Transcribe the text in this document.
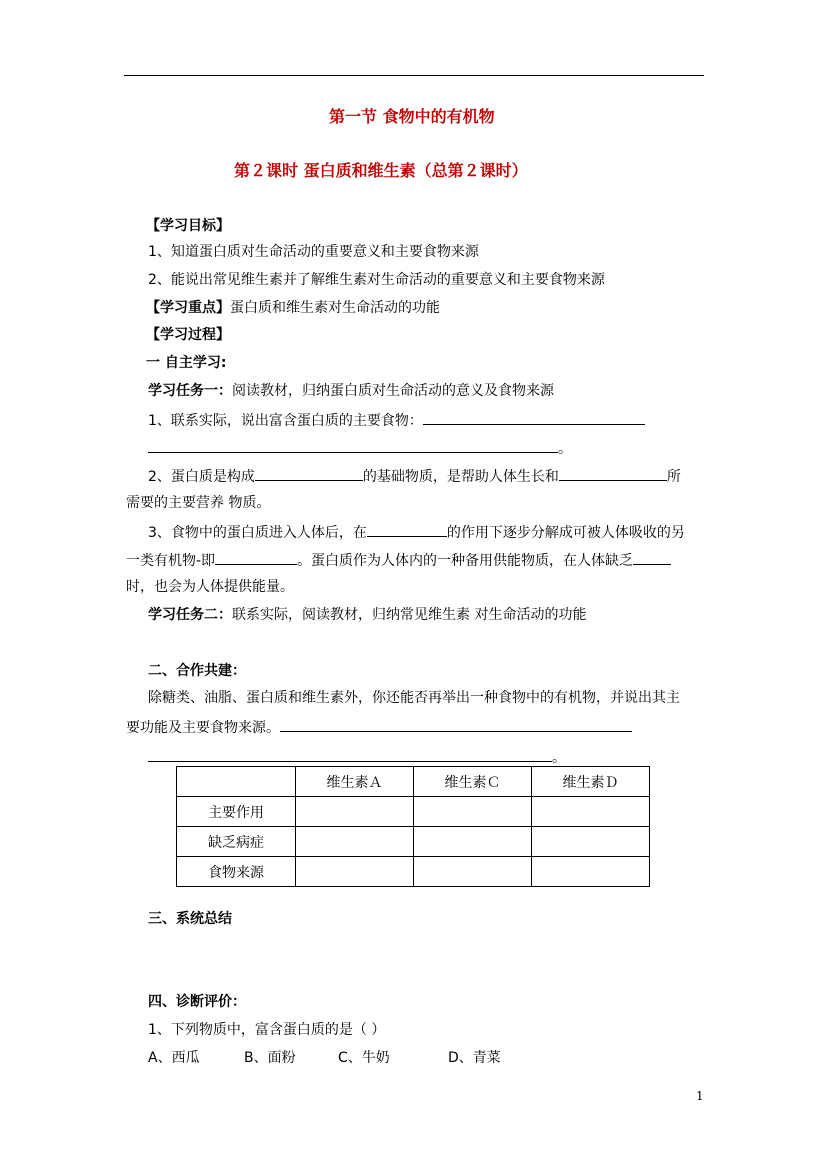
第一节 食物中的有机物
第２课时 蛋白质和维生素（总第２课时）
【学习目标】
1、知道蛋白质对生命活动的重要意义和主要食物来源
2、能说出常见维生素并了解维生素对生命活动的重要意义和主要食物来源
【学习重点】蛋白质和维生素对生命活动的功能
【学习过程】
一 自主学习:
学习任务一：阅读教材，归纳蛋白质对生命活动的意义及食物来源
1、联系实际，说出富含蛋白质的主要食物：
。
2、蛋白质是构成	的基础物质，是帮助人体生长和	所
需要的主要营养 物质。
3、食物中的蛋白质进入人体后，在	的作用下逐步分解成可被人体吸收的另
一类有机物-即	。蛋白质作为人体内的一种备用供能物质，在人体缺乏
时，也会为人体提供能量。
学习任务二：联系实际，阅读教材，归纳常见维生素 对生命活动的功能
二、合作共建：
除糖类、油脂、蛋白质和维生素外，你还能否再举出一种食物中的有机物，并说出其主
要功能及主要食物来源。
。
	维生素Ａ	维生素Ｃ	维生素Ｄ
主要作用			
缺乏病症			
食物来源			
三、系统总结
四、诊断评价：
1、下列物质中，富含蛋白质的是（ ）
A、西瓜	B、面粉	C、牛奶	D、青菜
1
